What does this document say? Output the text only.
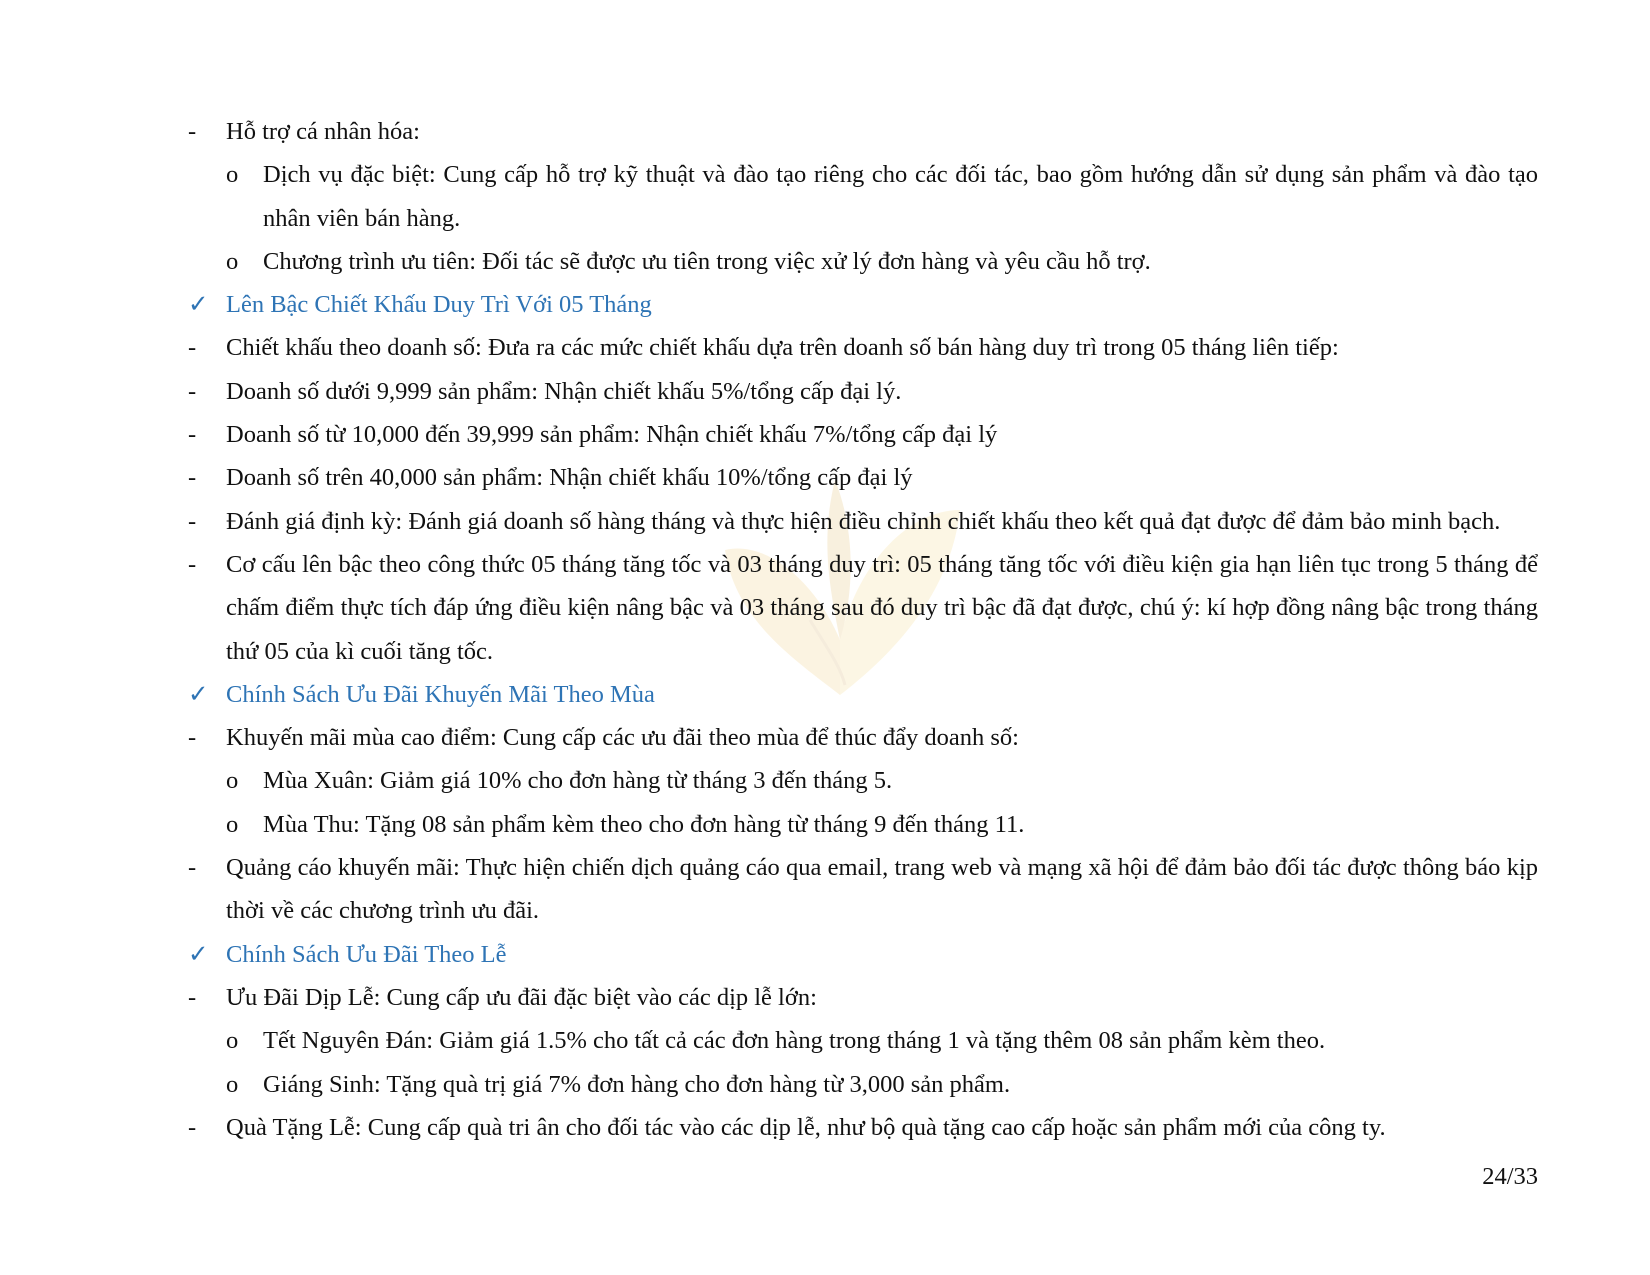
- Hỗ trợ cá nhân hóa:
o Dịch vụ đặc biệt: Cung cấp hỗ trợ kỹ thuật và đào tạo riêng cho các đối tác, bao gồm hướng dẫn sử dụng sản phẩm và đào tạo nhân viên bán hàng.
o Chương trình ưu tiên: Đối tác sẽ được ưu tiên trong việc xử lý đơn hàng và yêu cầu hỗ trợ.
✓ Lên Bậc Chiết Khấu Duy Trì Với 05 Tháng
- Chiết khấu theo doanh số: Đưa ra các mức chiết khấu dựa trên doanh số bán hàng duy trì trong 05 tháng liên tiếp:
- Doanh số dưới 9,999 sản phẩm: Nhận chiết khấu 5%/tổng cấp đại lý.
- Doanh số từ 10,000 đến 39,999 sản phẩm: Nhận chiết khấu 7%/tổng cấp đại lý
- Doanh số trên 40,000 sản phẩm: Nhận chiết khấu 10%/tổng cấp đại lý
- Đánh giá định kỳ: Đánh giá doanh số hàng tháng và thực hiện điều chỉnh chiết khấu theo kết quả đạt được để đảm bảo minh bạch.
- Cơ cấu lên bậc theo công thức 05 tháng tăng tốc và 03 tháng duy trì: 05 tháng tăng tốc với điều kiện gia hạn liên tục trong 5 tháng để chấm điểm thực tích đáp ứng điều kiện nâng bậc và 03 tháng sau đó duy trì bậc đã đạt được, chú ý: kí hợp đồng nâng bậc trong tháng thứ 05 của kì cuối tăng tốc.
✓ Chính Sách Ưu Đãi Khuyến Mãi Theo Mùa
- Khuyến mãi mùa cao điểm: Cung cấp các ưu đãi theo mùa để thúc đẩy doanh số:
o Mùa Xuân: Giảm giá 10% cho đơn hàng từ tháng 3 đến tháng 5.
o Mùa Thu: Tặng 08 sản phẩm kèm theo cho đơn hàng từ tháng 9 đến tháng 11.
- Quảng cáo khuyến mãi: Thực hiện chiến dịch quảng cáo qua email, trang web và mạng xã hội để đảm bảo đối tác được thông báo kịp thời về các chương trình ưu đãi.
✓ Chính Sách Ưu Đãi Theo Lễ
- Ưu Đãi Dịp Lễ: Cung cấp ưu đãi đặc biệt vào các dịp lễ lớn:
o Tết Nguyên Đán: Giảm giá 1.5% cho tất cả các đơn hàng trong tháng 1 và tặng thêm 08 sản phẩm kèm theo.
o Giáng Sinh: Tặng quà trị giá 7% đơn hàng cho đơn hàng từ 3,000 sản phẩm.
- Quà Tặng Lễ: Cung cấp quà tri ân cho đối tác vào các dịp lễ, như bộ quà tặng cao cấp hoặc sản phẩm mới của công ty.
24/33
